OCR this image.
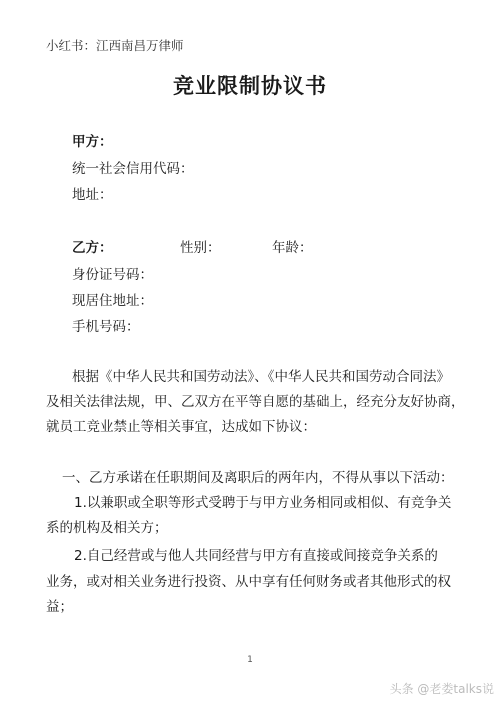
小红书：江西南昌万律师
竞业限制协议书
甲方：
统一社会信用代码：
地址：
乙方：	性别：	年龄：
身份证号码：
现居住地址：
手机号码：
根据《中华人民共和国劳动法》、《中华人民共和国劳动合同法》
及相关法律法规，甲、乙双方在平等自愿的基础上，经充分友好协商，
就员工竞业禁止等相关事宜，达成如下协议：
一、乙方承诺在任职期间及离职后的两年内，不得从事以下活动：
1.以兼职或全职等形式受聘于与甲方业务相同或相似、有竞争关
系的机构及相关方；
2.自己经营或与他人共同经营与甲方有直接或间接竞争关系的
业务，或对相关业务进行投资、从中享有任何财务或者其他形式的权
益；
1
头条 @老娄talks说
